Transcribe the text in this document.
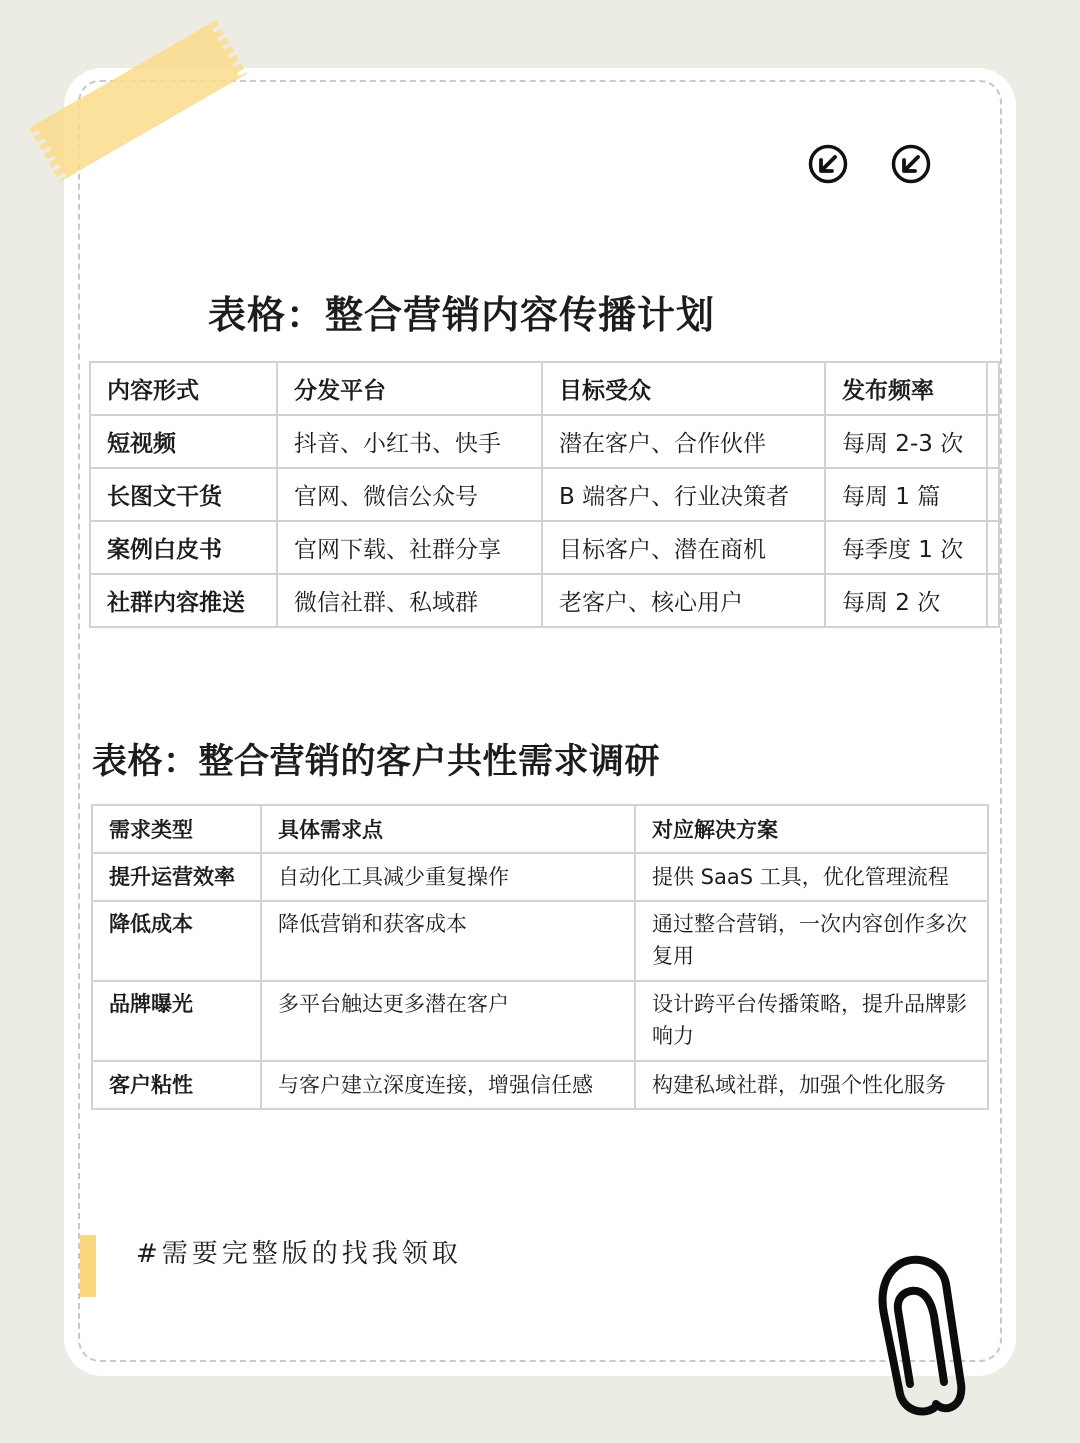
表格：整合营销内容传播计划
内容形式	分发平台	目标受众	发布频率	
短视频	抖音、小红书、快手	潜在客户、合作伙伴	每周 2-3 次	
长图文干货	官网、微信公众号	B 端客户、行业决策者	每周 1 篇	
案例白皮书	官网下载、社群分享	目标客户、潜在商机	每季度 1 次	
社群内容推送	微信社群、私域群	老客户、核心用户	每周 2 次	
表格：整合营销的客户共性需求调研
需求类型	具体需求点	对应解决方案
提升运营效率	自动化工具减少重复操作	提供 SaaS 工具，优化管理流程
降低成本	降低营销和获客成本	通过整合营销，一次内容创作多次复用
品牌曝光	多平台触达更多潜在客户	设计跨平台传播策略，提升品牌影响力
客户粘性	与客户建立深度连接，增强信任感	构建私域社群，加强个性化服务
#需要完整版的找我领取
